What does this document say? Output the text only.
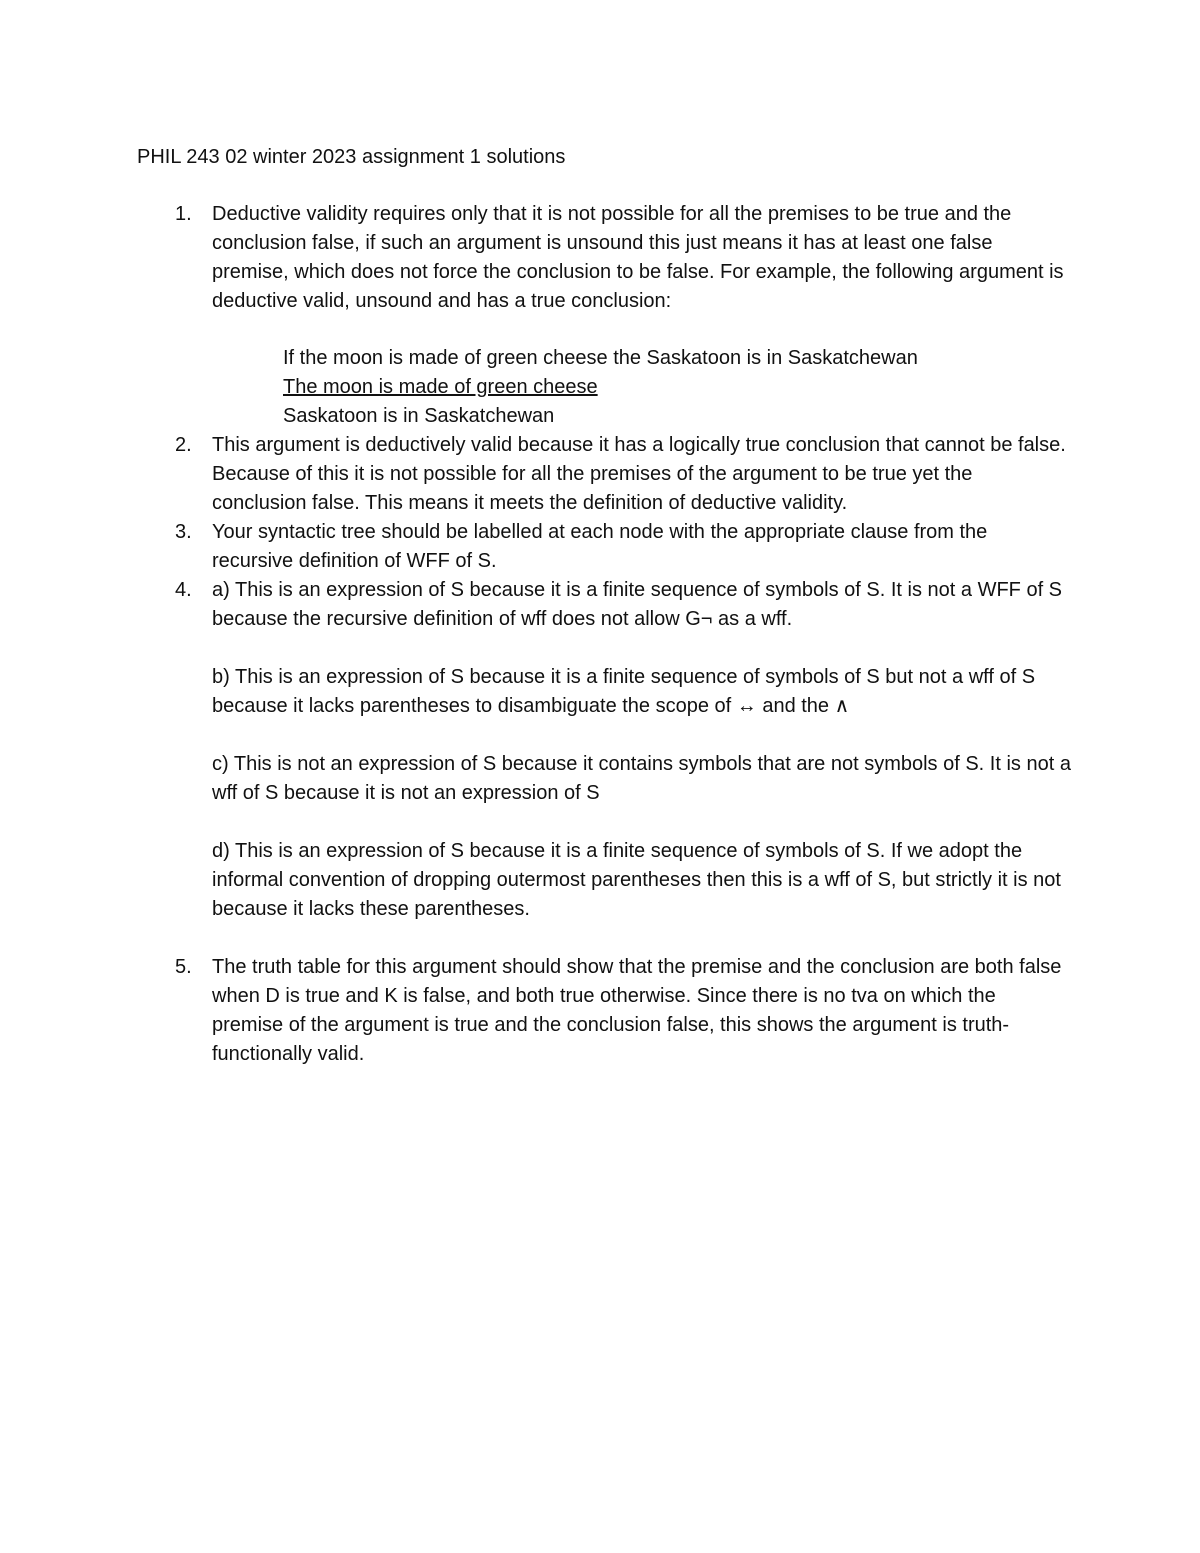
PHIL 243 02 winter 2023 assignment 1 solutions
1.	Deductive validity requires only that it is not possible for all the premises to be true and the conclusion false, if such an argument is unsound this just means it has at least one false premise, which does not force the conclusion to be false. For example, the following argument is deductive valid, unsound and has a true conclusion:

If the moon is made of green cheese the Saskatoon is in Saskatchewan
The moon is made of green cheese
Saskatoon is in Saskatchewan
2.	This argument is deductively valid because it has a logically true conclusion that cannot be false. Because of this it is not possible for all the premises of the argument to be true yet the conclusion false. This means it meets the definition of deductive validity.

3.	Your syntactic tree should be labelled at each node with the appropriate clause from the recursive definition of WFF of S.

4.	a) This is an expression of S because it is a finite sequence of symbols of S. It is not a WFF of S because the recursive definition of wff does not allow G¬ as a wff.

b) This is an expression of S because it is a finite sequence of symbols of S but not a wff of S because it lacks parentheses to disambiguate the scope of ↔ and the ∧

c) This is not an expression of S because it contains symbols that are not symbols of S. It is not a wff of S because it is not an expression of S

d) This is an expression of S because it is a finite sequence of symbols of S. If we adopt the informal convention of dropping outermost parentheses then this is a wff of S, but strictly it is not because it lacks these parentheses.

5.	The truth table for this argument should show that the premise and the conclusion are both false when D is true and K is false, and both true otherwise. Since there is no tva on which the premise of the argument is true and the conclusion false, this shows the argument is truth-functionally valid.
